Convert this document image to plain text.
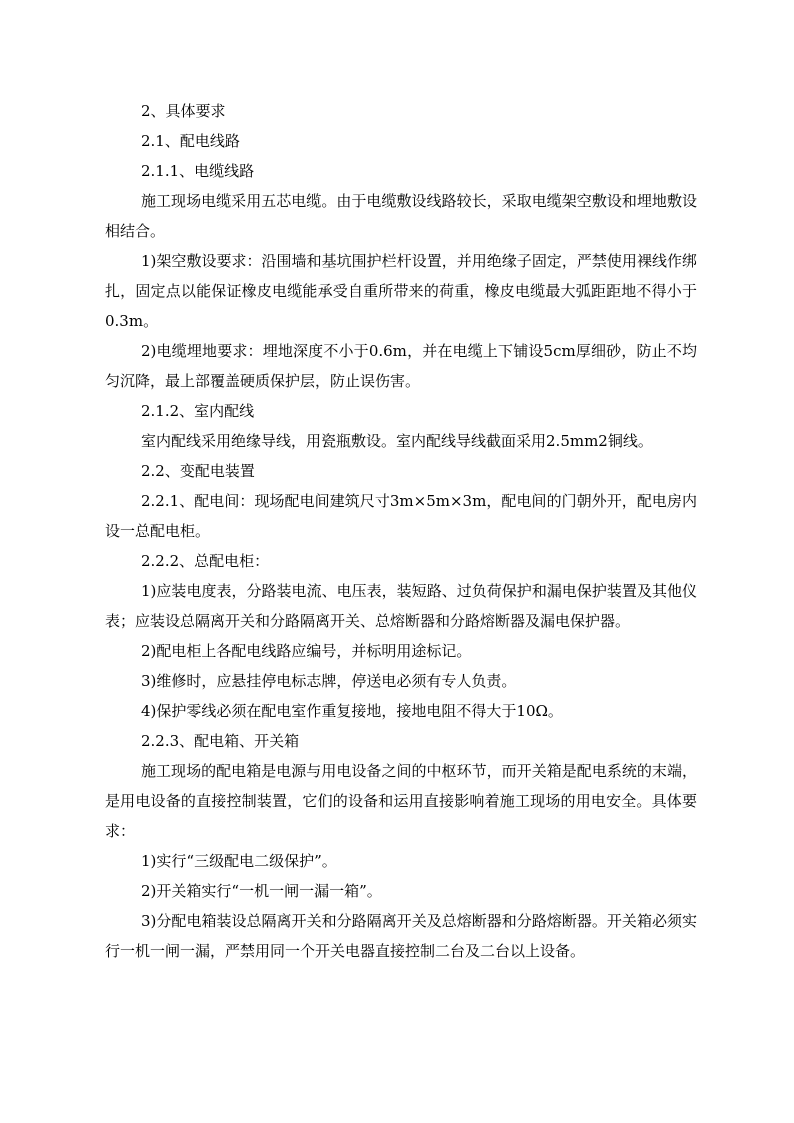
2、具体要求

2.1、配电线路

2.1.1、电缆线路

施工现场电缆采用五芯电缆。由于电缆敷设线路较长，采取电缆架空敷设和埋地敷设相结合。

1)架空敷设要求：沿围墙和基坑围护栏杆设置，并用绝缘子固定，严禁使用裸线作绑扎，固定点以能保证橡皮电缆能承受自重所带来的荷重，橡皮电缆最大弧距距地不得小于0.3m。

2)电缆埋地要求：埋地深度不小于0.6m，并在电缆上下铺设5cm厚细砂，防止不均匀沉降，最上部覆盖硬质保护层，防止误伤害。

2.1.2、室内配线

室内配线采用绝缘导线，用瓷瓶敷设。室内配线导线截面采用2.5mm2铜线。

2.2、变配电装置

2.2.1、配电间：现场配电间建筑尺寸3m×5m×3m，配电间的门朝外开，配电房内设一总配电柜。

2.2.2、总配电柜：

1)应装电度表，分路装电流、电压表，装短路、过负荷保护和漏电保护装置及其他仪表；应装设总隔离开关和分路隔离开关、总熔断器和分路熔断器及漏电保护器。

2)配电柜上各配电线路应编号，并标明用途标记。

3)维修时，应悬挂停电标志牌，停送电必须有专人负责。

4)保护零线必须在配电室作重复接地，接地电阻不得大于10Ω。

2.2.3、配电箱、开关箱

施工现场的配电箱是电源与用电设备之间的中枢环节，而开关箱是配电系统的末端，是用电设备的直接控制装置，它们的设备和运用直接影响着施工现场的用电安全。具体要求：

1)实行“三级配电二级保护”。

2)开关箱实行“一机一闸一漏一箱”。

3)分配电箱装设总隔离开关和分路隔离开关及总熔断器和分路熔断器。开关箱必须实行一机一闸一漏，严禁用同一个开关电器直接控制二台及二台以上设备。
